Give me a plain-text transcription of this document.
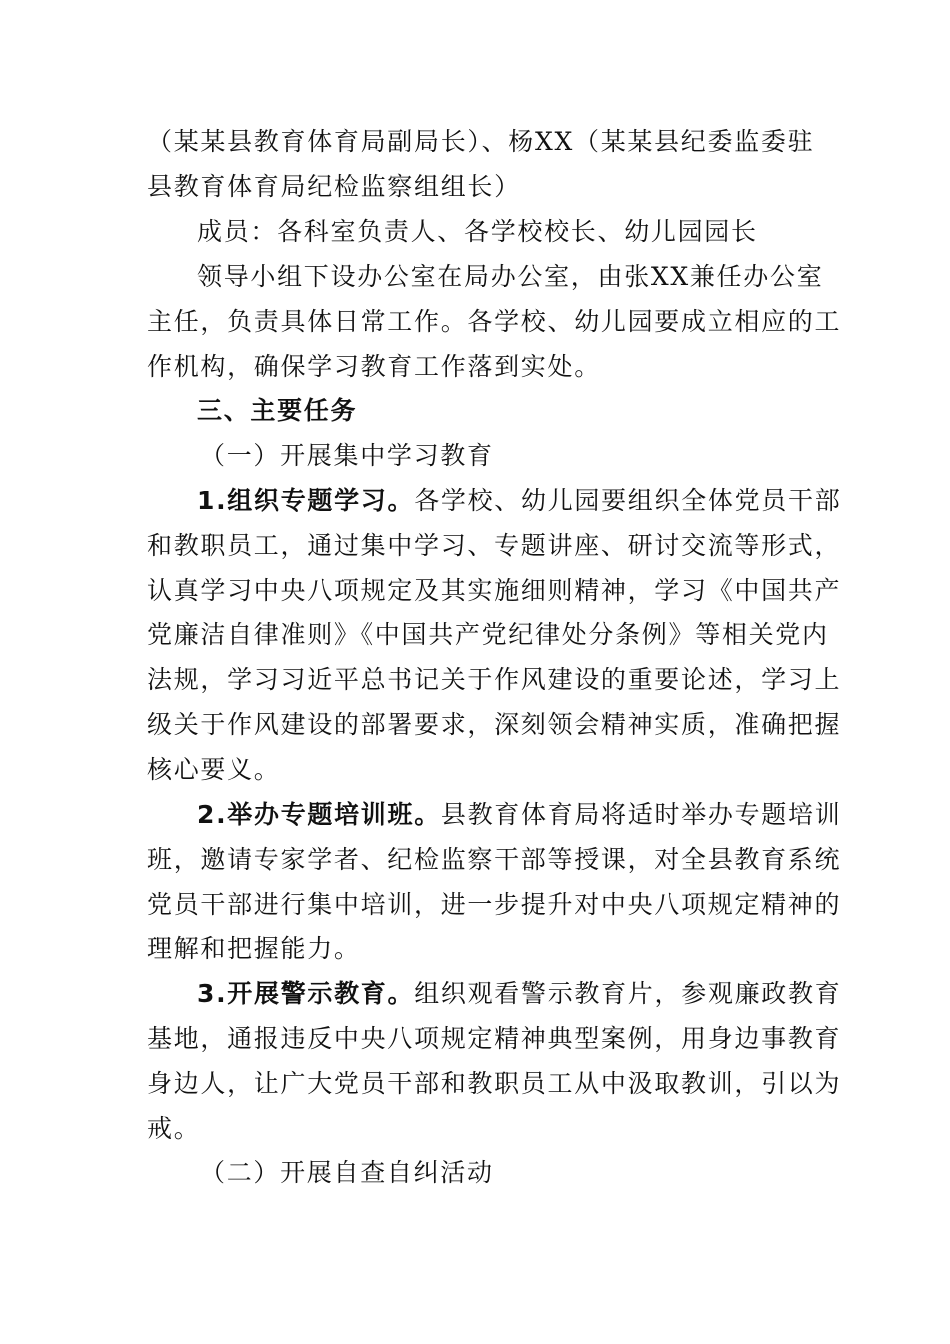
（某某县教育体育局副局长）、杨XX（某某县纪委监委驻
县教育体育局纪检监察组组长）
成员：各科室负责人、各学校校长、幼儿园园长
领导小组下设办公室在局办公室，由张XX兼任办公室
主任，负责具体日常工作。各学校、幼儿园要成立相应的工
作机构，确保学习教育工作落到实处。
三、主要任务
（一）开展集中学习教育
1.组织专题学习。各学校、幼儿园要组织全体党员干部
和教职员工，通过集中学习、专题讲座、研讨交流等形式，
认真学习中央八项规定及其实施细则精神，学习《中国共产
党廉洁自律准则》《中国共产党纪律处分条例》等相关党内
法规，学习习近平总书记关于作风建设的重要论述，学习上
级关于作风建设的部署要求，深刻领会精神实质，准确把握
核心要义。
2.举办专题培训班。县教育体育局将适时举办专题培训
班，邀请专家学者、纪检监察干部等授课，对全县教育系统
党员干部进行集中培训，进一步提升对中央八项规定精神的
理解和把握能力。
3.开展警示教育。组织观看警示教育片，参观廉政教育
基地，通报违反中央八项规定精神典型案例，用身边事教育
身边人，让广大党员干部和教职员工从中汲取教训，引以为
戒。
（二）开展自查自纠活动
